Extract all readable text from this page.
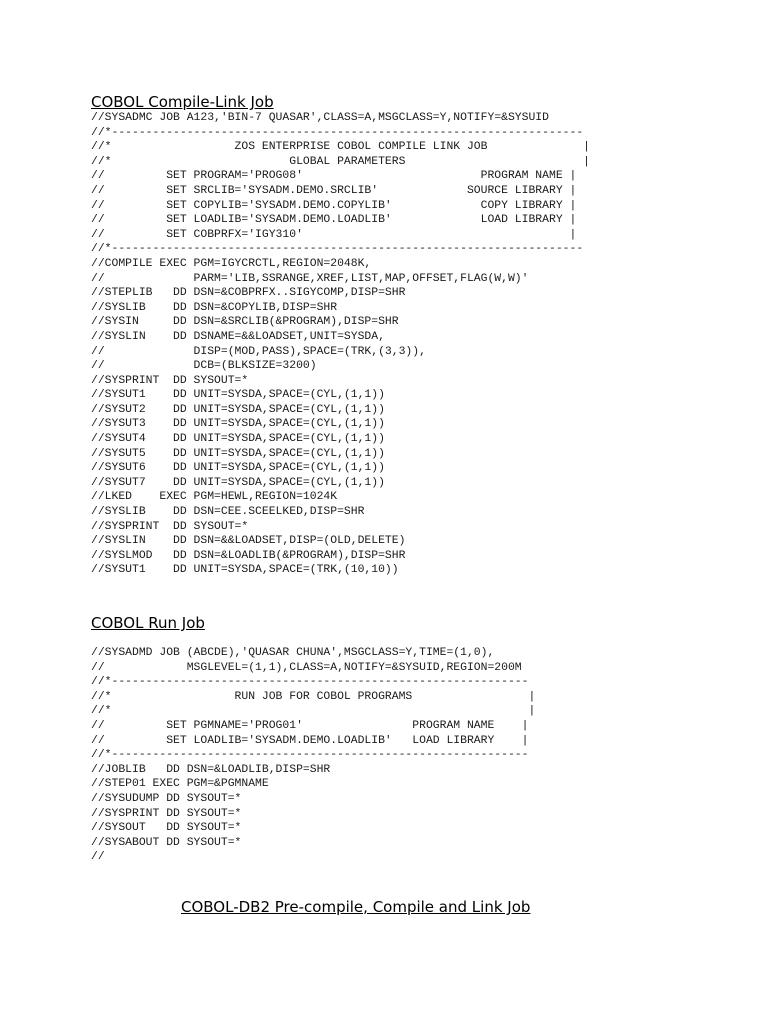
COBOL Compile-Link Job
//SYSADMC JOB A123,'BIN-7 QUASAR',CLASS=A,MSGCLASS=Y,NOTIFY=&SYSUID
//*---------------------------------------------------------------------
//*                  ZOS ENTERPRISE COBOL COMPILE LINK JOB              |
//*                          GLOBAL PARAMETERS                          |
//         SET PROGRAM='PROG08'                          PROGRAM NAME |
//         SET SRCLIB='SYSADM.DEMO.SRCLIB'             SOURCE LIBRARY |
//         SET COPYLIB='SYSADM.DEMO.COPYLIB'             COPY LIBRARY |
//         SET LOADLIB='SYSADM.DEMO.LOADLIB'             LOAD LIBRARY |
//         SET COBPRFX='IGY310'                                       |
//*---------------------------------------------------------------------
//COMPILE EXEC PGM=IGYCRCTL,REGION=2048K,
//             PARM='LIB,SSRANGE,XREF,LIST,MAP,OFFSET,FLAG(W,W)'
//STEPLIB   DD DSN=&COBPRFX..SIGYCOMP,DISP=SHR
//SYSLIB    DD DSN=&COPYLIB,DISP=SHR
//SYSIN     DD DSN=&SRCLIB(&PROGRAM),DISP=SHR
//SYSLIN    DD DSNAME=&&LOADSET,UNIT=SYSDA,
//             DISP=(MOD,PASS),SPACE=(TRK,(3,3)),
//             DCB=(BLKSIZE=3200)
//SYSPRINT  DD SYSOUT=*
//SYSUT1    DD UNIT=SYSDA,SPACE=(CYL,(1,1))
//SYSUT2    DD UNIT=SYSDA,SPACE=(CYL,(1,1))
//SYSUT3    DD UNIT=SYSDA,SPACE=(CYL,(1,1))
//SYSUT4    DD UNIT=SYSDA,SPACE=(CYL,(1,1))
//SYSUT5    DD UNIT=SYSDA,SPACE=(CYL,(1,1))
//SYSUT6    DD UNIT=SYSDA,SPACE=(CYL,(1,1))
//SYSUT7    DD UNIT=SYSDA,SPACE=(CYL,(1,1))
//LKED    EXEC PGM=HEWL,REGION=1024K
//SYSLIB    DD DSN=CEE.SCEELKED,DISP=SHR
//SYSPRINT  DD SYSOUT=*
//SYSLIN    DD DSN=&&LOADSET,DISP=(OLD,DELETE)
//SYSLMOD   DD DSN=&LOADLIB(&PROGRAM),DISP=SHR
//SYSUT1    DD UNIT=SYSDA,SPACE=(TRK,(10,10))
COBOL Run Job
//SYSADMD JOB (ABCDE),'QUASAR CHUNA',MSGCLASS=Y,TIME=(1,0),
//            MSGLEVEL=(1,1),CLASS=A,NOTIFY=&SYSUID,REGION=200M
//*-------------------------------------------------------------
//*                  RUN JOB FOR COBOL PROGRAMS                 |
//*                                                             |
//         SET PGMNAME='PROG01'                PROGRAM NAME    |
//         SET LOADLIB='SYSADM.DEMO.LOADLIB'   LOAD LIBRARY    |
//*-------------------------------------------------------------
//JOBLIB   DD DSN=&LOADLIB,DISP=SHR
//STEP01 EXEC PGM=&PGMNAME
//SYSUDUMP DD SYSOUT=*
//SYSPRINT DD SYSOUT=*
//SYSOUT   DD SYSOUT=*
//SYSABOUT DD SYSOUT=*
//
COBOL-DB2 Pre-compile, Compile and Link Job
